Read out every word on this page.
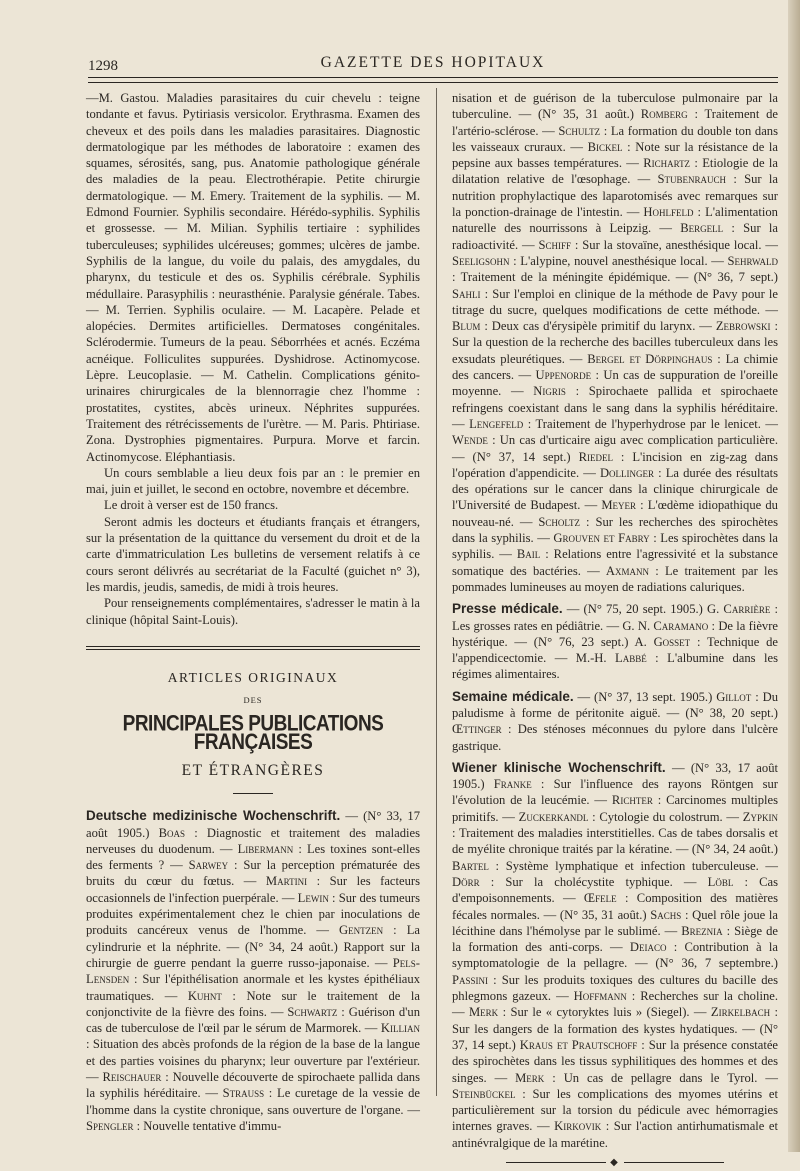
1298	GAZETTE DES HOPITAUX

—M. Gastou. Maladies parasitaires du cuir chevelu : teigne tondante et favus. Pytiriasis versicolor. Erythrasma. Examen des cheveux et des poils dans les maladies parasitaires. Diagnostic dermatologique par les méthodes de laboratoire : examen des squames, sérosités, sang, pus. Anatomie pathologique générale des maladies de la peau. Electrothérapie. Petite chirurgie dermatologique. — M. Emery. Traitement de la syphilis. — M. Edmond Fournier. Syphilis secondaire. Hérédo-syphilis. Syphilis et grossesse. — M. Milian. Syphilis tertiaire : syphilides tuberculeuses; syphilides ulcéreuses; gommes; ulcères de jambe. Syphilis de la langue, du voile du palais, des amygdales, du pharynx, du testicule et des os. Syphilis cérébrale. Syphilis médullaire. Parasyphilis : neurasthénie. Paralysie générale. Tabes. — M. Terrien. Syphilis oculaire. — M. Lacapère. Pelade et alopécies. Dermites artificielles. Dermatoses congénitales. Sclérodermie. Tumeurs de la peau. Séborrhées et acnés. Eczéma acnéique. Folliculites suppurées. Dyshidrose. Actinomycose. Lèpre. Leucoplasie. — M. Cathelin. Complications génito-urinaires chirurgicales de la blennorragie chez l'homme : prostatites, cystites, abcès urineux. Néphrites suppurées. Traitement des rétrécissements de l'urètre. — M. Paris. Phtiriase. Zona. Dystrophies pigmentaires. Purpura. Morve et farcin. Actinomycose. Eléphantiasis.

Un cours semblable a lieu deux fois par an : le premier en mai, juin et juillet, le second en octobre, novembre et décembre.

Le droit à verser est de 150 francs.

Seront admis les docteurs et étudiants français et étrangers, sur la présentation de la quittance du versement du droit et de la carte d'immatriculation Les bulletins de versement relatifs à ce cours seront délivrés au secrétariat de la Faculté (guichet n° 3), les mardis, jeudis, samedis, de midi à trois heures.

Pour renseignements complémentaires, s'adresser le matin à la clinique (hôpital Saint-Louis).

ARTICLES ORIGINAUX
DES
PRINCIPALES PUBLICATIONS FRANÇAISES
ET ÉTRANGÈRES

Deutsche medizinische Wochenschrift. — (N° 33, 17 août 1905.) Boas : Diagnostic et traitement des maladies nerveuses du duodenum. — Libermann : Les toxines sont-elles des ferments ? — Sarwey : Sur la perception prématurée des bruits du cœur du fœtus. — Martini : Sur les facteurs occasionnels de l'infection puerpérale. — Lewin : Sur des tumeurs produites expérimentalement chez le chien par inoculations de produits cancéreux venus de l'homme. — Gentzen : La cylindrurie et la néphrite. — (N° 34, 24 août.) Rapport sur la chirurgie de guerre pendant la guerre russo-japonaise. — Pels-Lensden : Sur l'épithélisation anormale et les kystes épithéliaux traumatiques. — Kuhnt : Note sur le traitement de la conjonctivite de la fièvre des foins. — Schwartz : Guérison d'un cas de tuberculose de l'œil par le sérum de Marmorek. — Killian : Situation des abcès profonds de la région de la base de la langue et des parties voisines du pharynx; leur ouverture par l'extérieur. — Reischauer : Nouvelle découverte de spirochaete pallida dans la syphilis héréditaire. — Strauss : Le curetage de la vessie de l'homme dans la cystite chronique, sans ouverture de l'organe. — Spengler : Nouvelle tentative d'immu-

nisation et de guérison de la tuberculose pulmonaire par la tuberculine. — (N° 35, 31 août.) Romberg : Traitement de l'artério-sclérose. — Schultz : La formation du double ton dans les vaisseaux cruraux. — Bickel : Note sur la résistance de la pepsine aux basses températures. — Richartz : Etiologie de la dilatation relative de l'œsophage. — Stubenrauch : Sur la nutrition prophylactique des laparotomisés avec remarques sur la ponction-drainage de l'intestin. — Hohlfeld : L'alimentation naturelle des nourrissons à Leipzig. — Bergell : Sur la radioactivité. — Schiff : Sur la stovaïne, anesthésique local. — Seeligsohn : L'alypine, nouvel anesthésique local. — Sehrwald : Traitement de la méningite épidémique. — (N° 36, 7 sept.) Sahli : Sur l'emploi en clinique de la méthode de Pavy pour le titrage du sucre, quelques modifications de cette méthode. — Blum : Deux cas d'érysipèle primitif du larynx. — Zebrowski : Sur la question de la recherche des bacilles tuberculeux dans les exsudats pleurétiques. — Bergel et Dörpinghaus : La chimie des cancers. — Uppenorde : Un cas de suppuration de l'oreille moyenne. — Nigris : Spirochaete pallida et spirochaete refringens coexistant dans le sang dans la syphilis héréditaire. — Lengefeld : Traitement de l'hyperhydrose par le lenicet. — Wende : Un cas d'urticaire aigu avec complication particulière. — (N° 37, 14 sept.) Riedel : L'incision en zig-zag dans l'opération d'appendicite. — Dollinger : La durée des résultats des opérations sur le cancer dans la clinique chirurgicale de l'Université de Budapest. — Meyer : L'œdème idiopathique du nouveau-né. — Scholtz : Sur les recherches des spirochètes dans la syphilis. — Grouven et Fabry : Les spirochètes dans la syphilis. — Bail : Relations entre l'agressivité et la substance somatique des bactéries. — Axmann : Le traitement par les pommades lumineuses au moyen de radiations caluriques.

Presse médicale. — (N° 75, 20 sept. 1905.) G. Carrière : Les grosses rates en pédiâtrie. — G. N. Caramano : De la fièvre hystérique. — (N° 76, 23 sept.) A. Gosset : Technique de l'appendicectomie. — M.-H. Labbé : L'albumine dans les régimes alimentaires.

Semaine médicale. — (N° 37, 13 sept. 1905.) Gillot : Du paludisme à forme de péritonite aiguë. — (N° 38, 20 sept.) Œttinger : Des sténoses méconnues du pylore dans l'ulcère gastrique.

Wiener klinische Wochenschrift. — (N° 33, 17 août 1905.) Franke : Sur l'influence des rayons Röntgen sur l'évolution de la leucémie. — Richter : Carcinomes multiples primitifs. — Zuckerkandl : Cytologie du colostrum. — Zypkin : Traitement des maladies interstitielles. Cas de tabes dorsalis et de myélite chronique traités par la kératine. — (N° 34, 24 août.) Bartel : Système lymphatique et infection tuberculeuse. — Dörr : Sur la cholécystite typhique. — Löbl : Cas d'empoisonnements. — Œfele : Composition des matières fécales normales. — (N° 35, 31 août.) Sachs : Quel rôle joue la lécithine dans l'hémolyse par le sublimé. — Breznia : Siège de la formation des anti-corps. — Deiaco : Contribution à la symptomatologie de la pellagre. — (N° 36, 7 septembre.) Passini : Sur les produits toxiques des cultures du bacille des phlegmons gazeux. — Hoffmann : Recherches sur la choline. — Merk : Sur le « cytoryktes luis » (Siegel). — Zirkelbach : Sur les dangers de la formation des kystes hydatiques. — (N° 37, 14 sept.) Kraus et Prautschoff : Sur la présence constatée des spirochètes dans les tissus syphilitiques des hommes et des singes. — Merk : Un cas de pellagre dans le Tyrol. — Steinbückel : Sur les complications des myomes utérins et particulièrement sur la torsion du pédicule avec hémorragies internes graves. — Kirkovik : Sur l'action antirhumatismale et antinévralgique de la marétine.

◆
